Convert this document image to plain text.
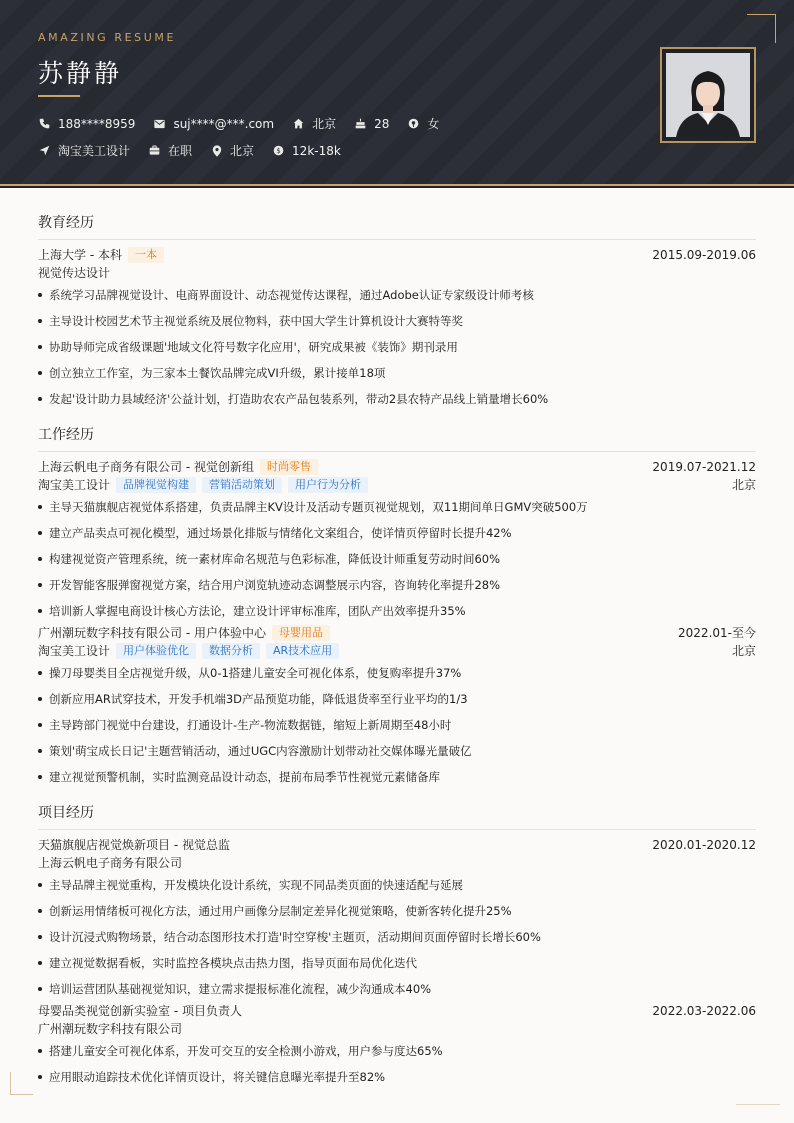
AMAZING RESUME
苏静静
188****8959	suj****@***.com	北京	28	女
淘宝美工设计	在职	北京 $ 12k-18k
教育经历
上海大学 - 本科	一本	2015.09-2019.06
视觉传达设计
系统学习品牌视觉设计、电商界面设计、动态视觉传达课程，通过Adobe认证专家级设计师考核
主导设计校园艺术节主视觉系统及展位物料，获中国大学生计算机设计大赛特等奖
协助导师完成省级课题'地域文化符号数字化应用'，研究成果被《装饰》期刊录用
创立独立工作室，为三家本土餐饮品牌完成VI升级，累计接单18项
发起'设计助力县域经济'公益计划，打造助农农产品包装系列，带动2县农特产品线上销量增长60%
工作经历
上海云帆电子商务有限公司 - 视觉创新组	时尚零售	2019.07-2021.12
淘宝美工设计	品牌视觉构建	营销活动策划	用户行为分析	北京
主导天猫旗舰店视觉体系搭建，负责品牌主KV设计及活动专题页视觉规划，双11期间单日GMV突破500万
建立产品卖点可视化模型，通过场景化排版与情绪化文案组合，使详情页停留时长提升42%
构建视觉资产管理系统，统一素材库命名规范与色彩标准，降低设计师重复劳动时间60%
开发智能客服弹窗视觉方案，结合用户浏览轨迹动态调整展示内容，咨询转化率提升28%
培训新人掌握电商设计核心方法论，建立设计评审标准库，团队产出效率提升35%
广州潮玩数字科技有限公司 - 用户体验中心	母婴用品	2022.01-至今
淘宝美工设计	用户体验优化	数据分析	AR技术应用	北京
操刀母婴类目全店视觉升级，从0-1搭建儿童安全可视化体系，使复购率提升37%
创新应用AR试穿技术，开发手机端3D产品预览功能，降低退货率至行业平均的1/3
主导跨部门视觉中台建设，打通设计-生产-物流数据链，缩短上新周期至48小时
策划'萌宝成长日记'主题营销活动，通过UGC内容激励计划带动社交媒体曝光量破亿
建立视觉预警机制，实时监测竞品设计动态，提前布局季节性视觉元素储备库
项目经历
天猫旗舰店视觉焕新项目 - 视觉总监	2020.01-2020.12
上海云帆电子商务有限公司
主导品牌主视觉重构，开发模块化设计系统，实现不同品类页面的快速适配与延展
创新运用情绪板可视化方法，通过用户画像分层制定差异化视觉策略，使新客转化提升25%
设计沉浸式购物场景，结合动态图形技术打造'时空穿梭'主题页，活动期间页面停留时长增长60%
建立视觉数据看板，实时监控各模块点击热力图，指导页面布局优化迭代
培训运营团队基础视觉知识，建立需求提报标准化流程，减少沟通成本40%
母婴品类视觉创新实验室 - 项目负责人	2022.03-2022.06
广州潮玩数字科技有限公司
搭建儿童安全可视化体系，开发可交互的安全检测小游戏，用户参与度达65%
应用眼动追踪技术优化详情页设计，将关键信息曝光率提升至82%
